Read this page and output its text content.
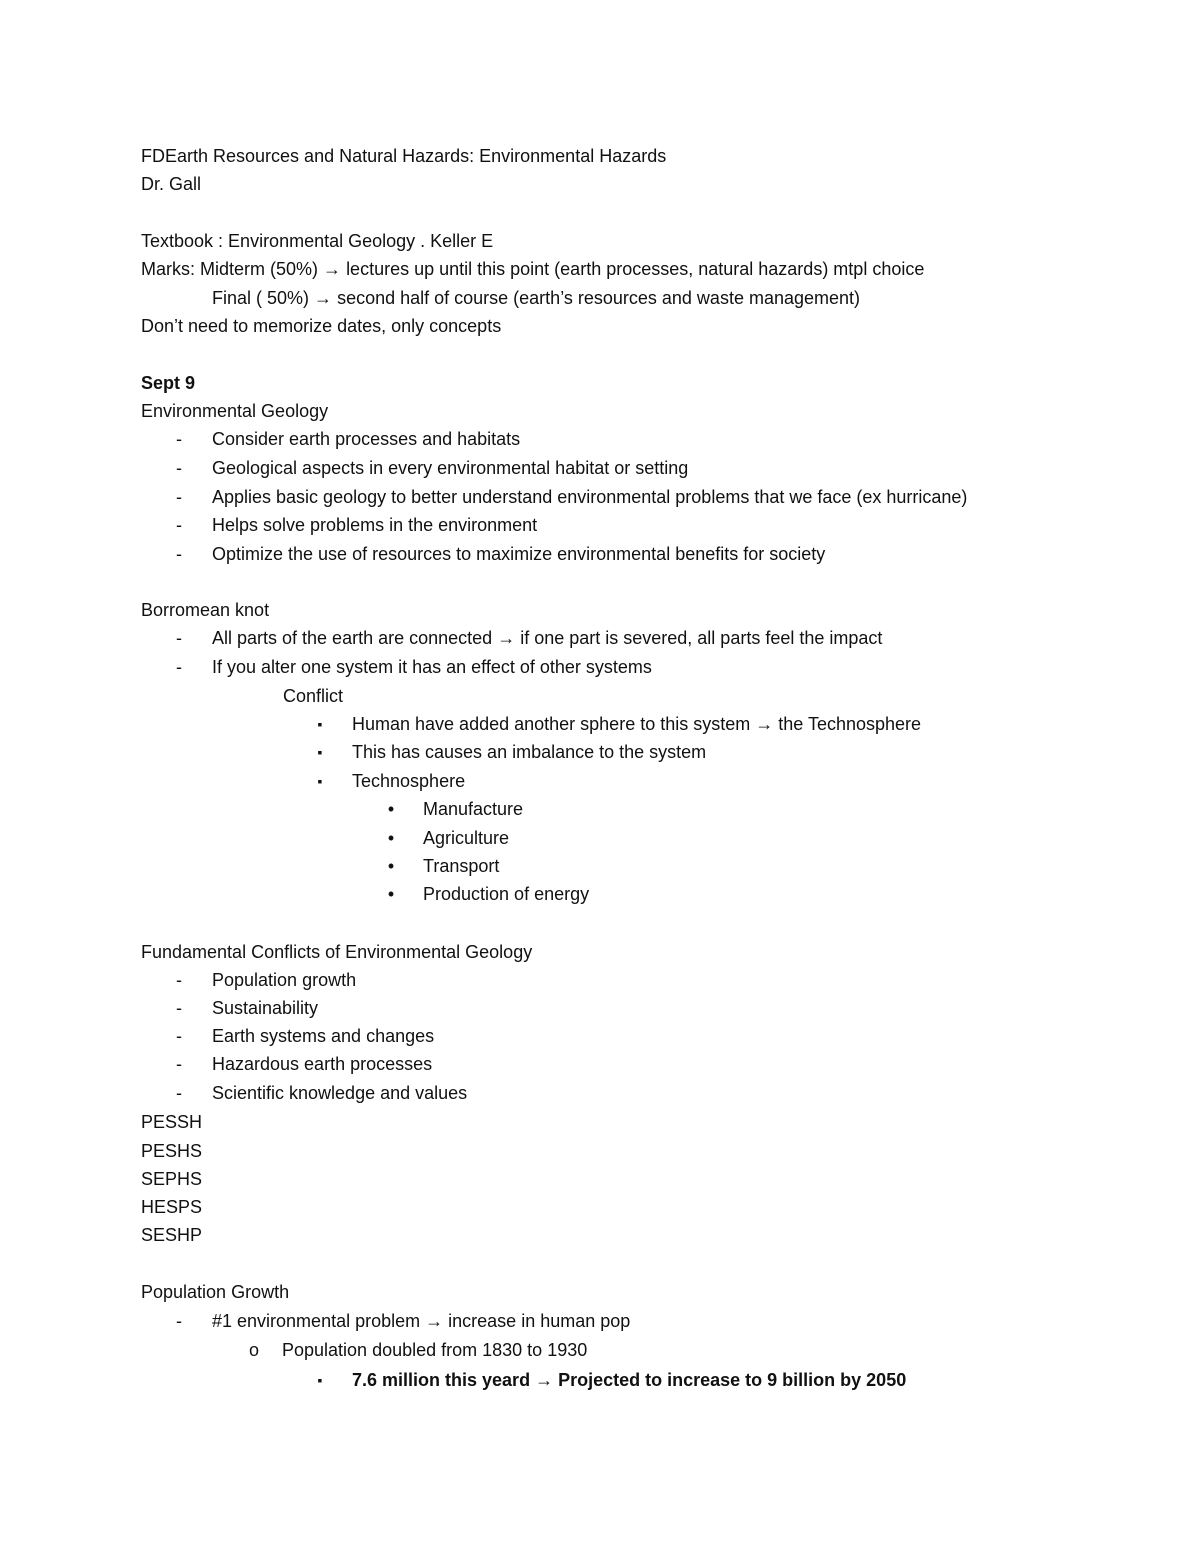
FDEarth Resources and Natural Hazards: Environmental Hazards
Dr. Gall
Textbook : Environmental Geology . Keller E
Marks: Midterm (50%) → lectures up until this point (earth processes, natural hazards) mtpl choice
Final ( 50%) → second half of course (earth’s resources and waste management)
Don’t need to memorize dates, only concepts
Sept 9
Environmental Geology
-	Consider earth processes and habitats
-	Geological aspects in every environmental habitat or setting
-	Applies basic geology to better understand environmental problems that we face (ex hurricane)
-	Helps solve problems in the environment
-	Optimize the use of resources to maximize environmental benefits for society
Borromean knot
-	All parts of the earth are connected → if one part is severed, all parts feel the impact
-	If you alter one system it has an effect of other systems
Conflict
▪	Human have added another sphere to this system → the Technosphere
▪	This has causes an imbalance to the system
▪	Technosphere
•	Manufacture
•	Agriculture
•	Transport
•	Production of energy
Fundamental Conflicts of Environmental Geology
-	Population growth
-	Sustainability
-	Earth systems and changes
-	Hazardous earth processes
-	Scientific knowledge and values
PESSH
PESHS
SEPHS
HESPS
SESHP
Population Growth
-	#1 environmental problem → increase in human pop
o Population doubled from 1830 to 1930
▪	7.6 million this yeard → Projected to increase to 9 billion by 2050
